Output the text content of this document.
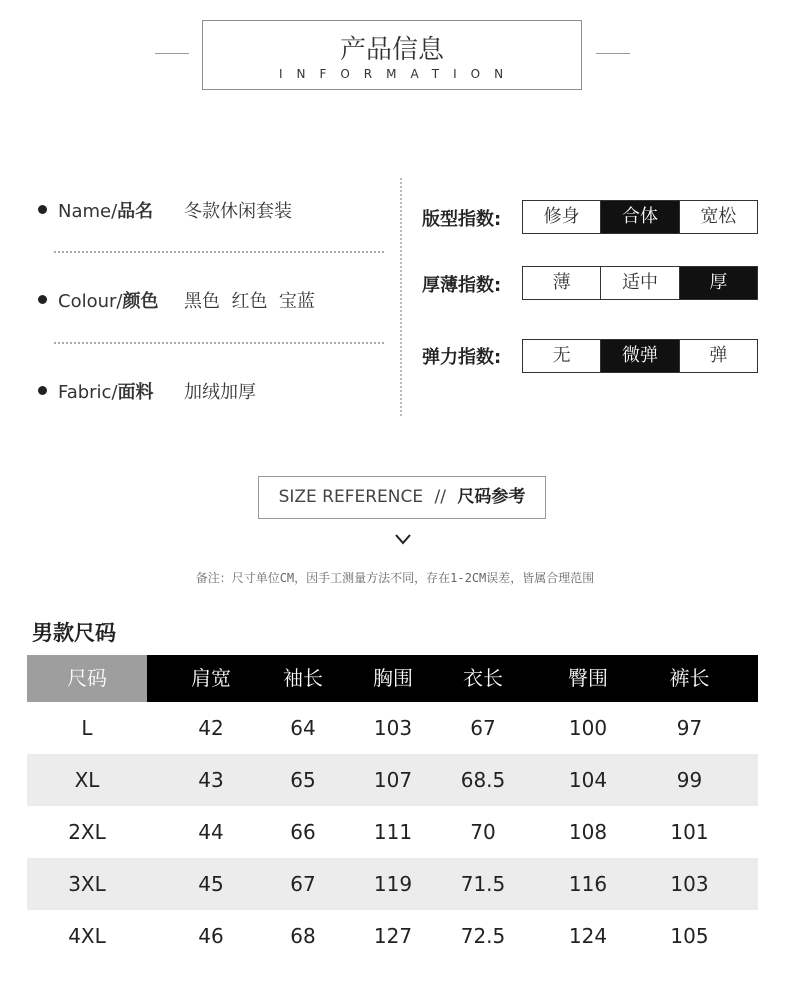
产品信息
INFORMATION
Name/品名 冬款休闲套装
Colour/颜色 黑色  红色  宝蓝
Fabric/面料 加绒加厚
版型指数:	修身	合体	宽松
厚薄指数:	薄	适中	厚
弹力指数:	无	微弹	弹
SIZE REFERENCE // 尺码参考
备注：尺寸单位CM，因手工测量方法不同，存在1-2CM误差，皆属合理范围
男款尺码
尺码	肩宽	袖长	胸围	衣长	臀围	裤长
L	42	64	103	67	100	97
XL	43	65	107	68.5	104	99
2XL	44	66	111	70	108	101
3XL	45	67	119	71.5	116	103
4XL	46	68	127	72.5	124	105
